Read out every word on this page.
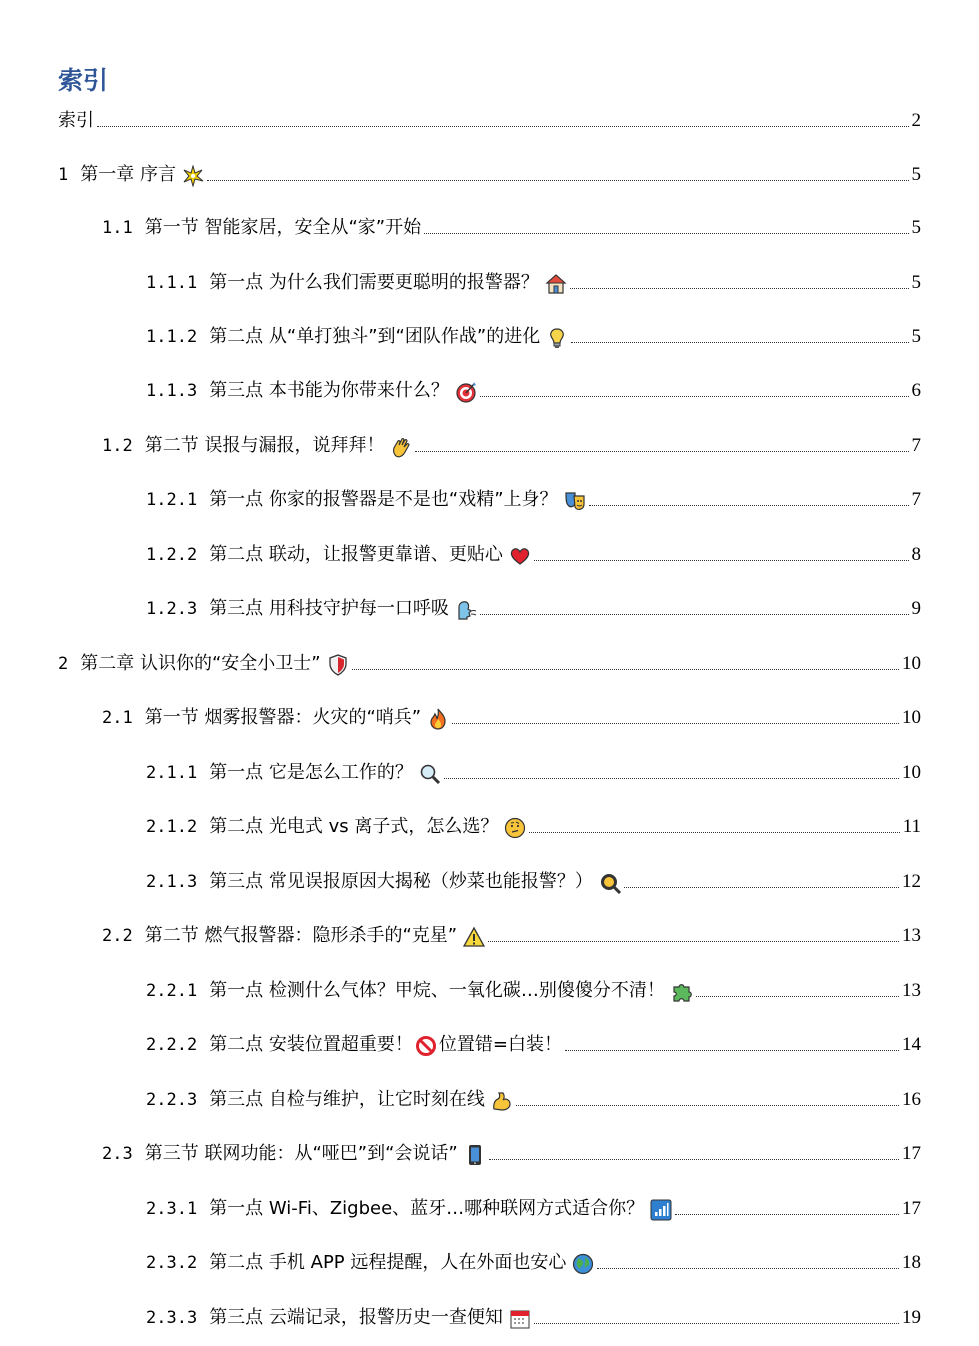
索引
索引	2
1 第一章 序言	5
1.1 第一节 智能家居，安全从“家”开始	5
1.1.1 第一点 为什么我们需要更聪明的报警器？	5
1.1.2 第二点 从“单打独斗”到“团队作战”的进化	5
1.1.3 第三点 本书能为你带来什么？	6
1.2 第二节 误报与漏报，说拜拜！	7
1.2.1 第一点 你家的报警器是不是也“戏精”上身？	7
1.2.2 第二点 联动，让报警更靠谱、更贴心	8
1.2.3 第三点 用科技守护每一口呼吸	9
2 第二章 认识你的“安全小卫士”	10
2.1 第一节 烟雾报警器：火灾的“哨兵”	10
2.1.1 第一点 它是怎么工作的？	10
2.1.2 第二点 光电式 vs 离子式，怎么选？	11
2.1.3 第三点 常见误报原因大揭秘（炒菜也能报警？）	12
2.2 第二节 燃气报警器：隐形杀手的“克星”	13
2.2.1 第一点 检测什么气体？甲烷、一氧化碳…别傻傻分不清！	13
2.2.2 第二点 安装位置超重要！ 位置错=白装！	14
2.2.3 第三点 自检与维护，让它时刻在线	16
2.3 第三节 联网功能：从“哑巴”到“会说话”	17
2.3.1 第一点 Wi-Fi、Zigbee、蓝牙…哪种联网方式适合你？	17
2.3.2 第二点 手机 APP 远程提醒，人在外面也安心	18
2.3.3 第三点 云端记录，报警历史一查便知	19
